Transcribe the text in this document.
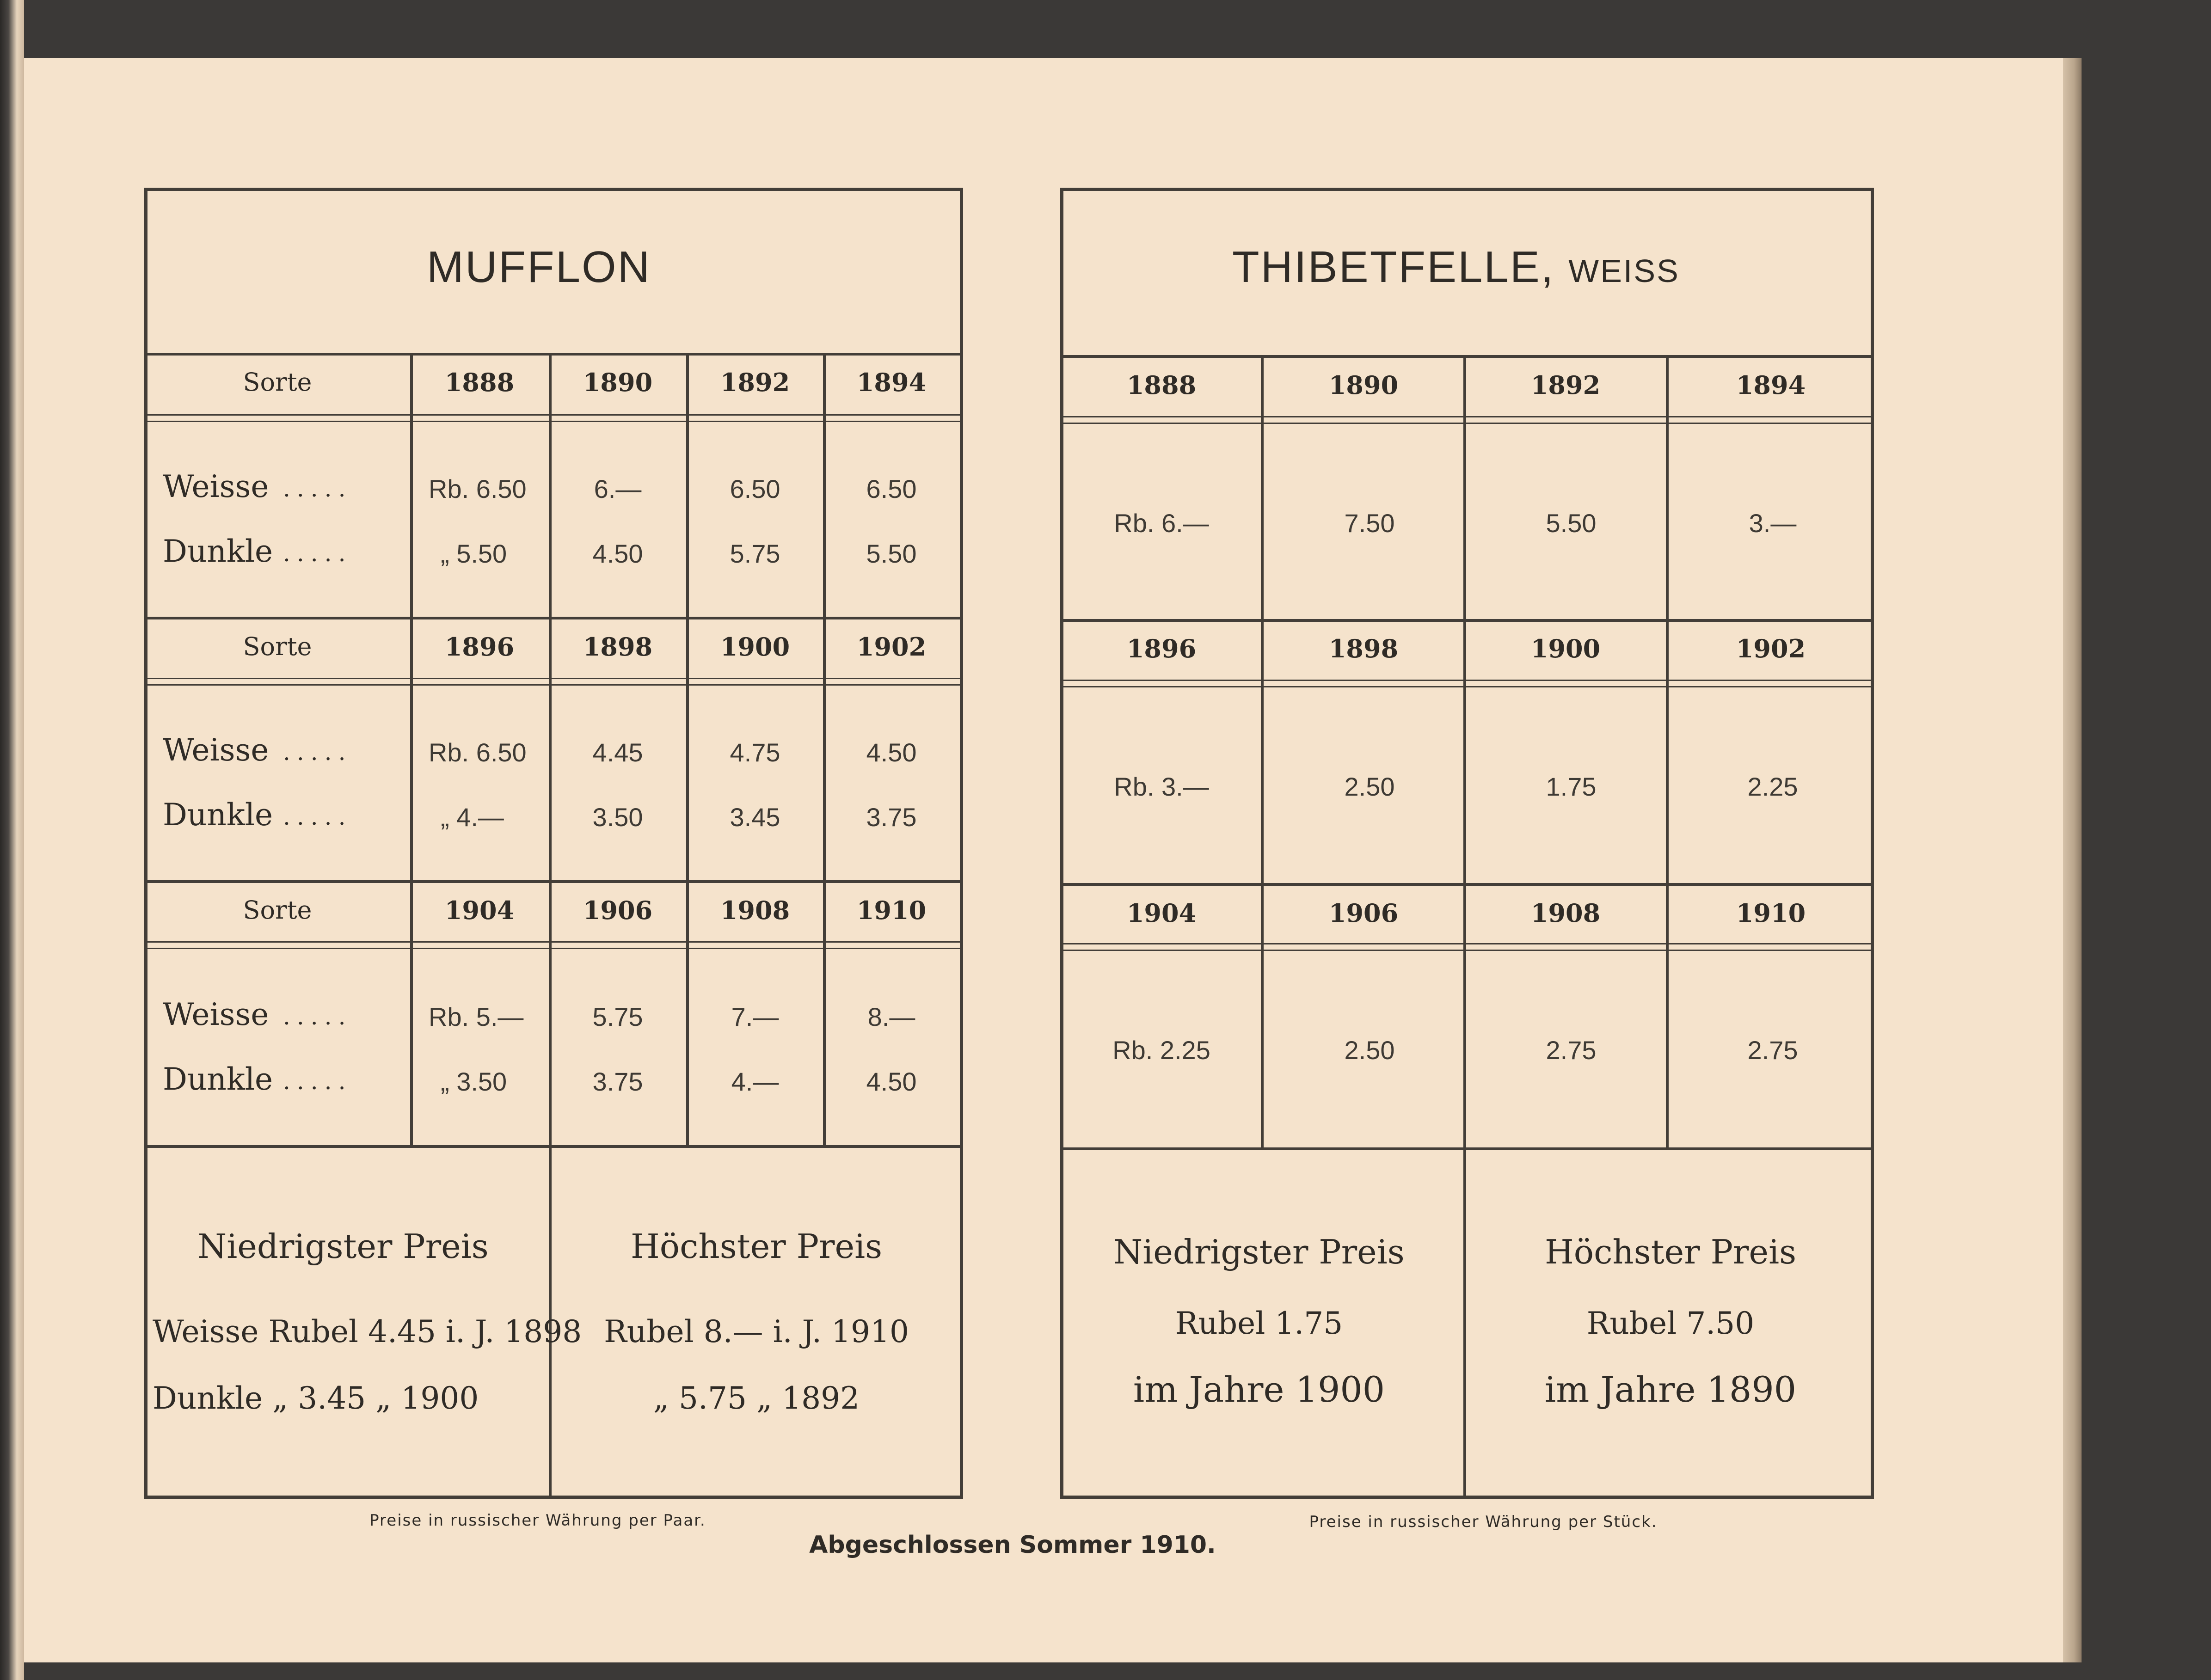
MUFFLON
Sorte	1888	1890	1892	1894
Weisse .....	Rb. 6.50	6.—	6.50	6.50
Dunkle .....	„ 5.50	4.50	5.75	5.50
Sorte	1896	1898	1900	1902
Weisse .....	Rb. 6.50	4.45	4.75	4.50
Dunkle .....	„ 4.—	3.50	3.45	3.75
Sorte	1904	1906	1908	1910
Weisse .....	Rb. 5.—	5.75	7.—	8.—
Dunkle .....	„ 3.50	3.75	4.—	4.50
Niedrigster Preis
Weisse Rubel 4.45 i. J. 1898
Dunkle „ 3.45 „ 1900
Höchster Preis
Rubel 8.— i. J. 1910
„ 5.75 „ 1892
Preise in russischer Währung per Paar.
THIBETFELLE, WEISS
1888	1890	1892	1894
Rb. 6.—	7.50	5.50	3.—
1896	1898	1900	1902
Rb. 3.—	2.50	1.75	2.25
1904	1906	1908	1910
Rb. 2.25	2.50	2.75	2.75
Niedrigster Preis
Rubel 1.75
im Jahre 1900
Höchster Preis
Rubel 7.50
im Jahre 1890
Preise in russischer Währung per Stück.
Abgeschlossen Sommer 1910.
